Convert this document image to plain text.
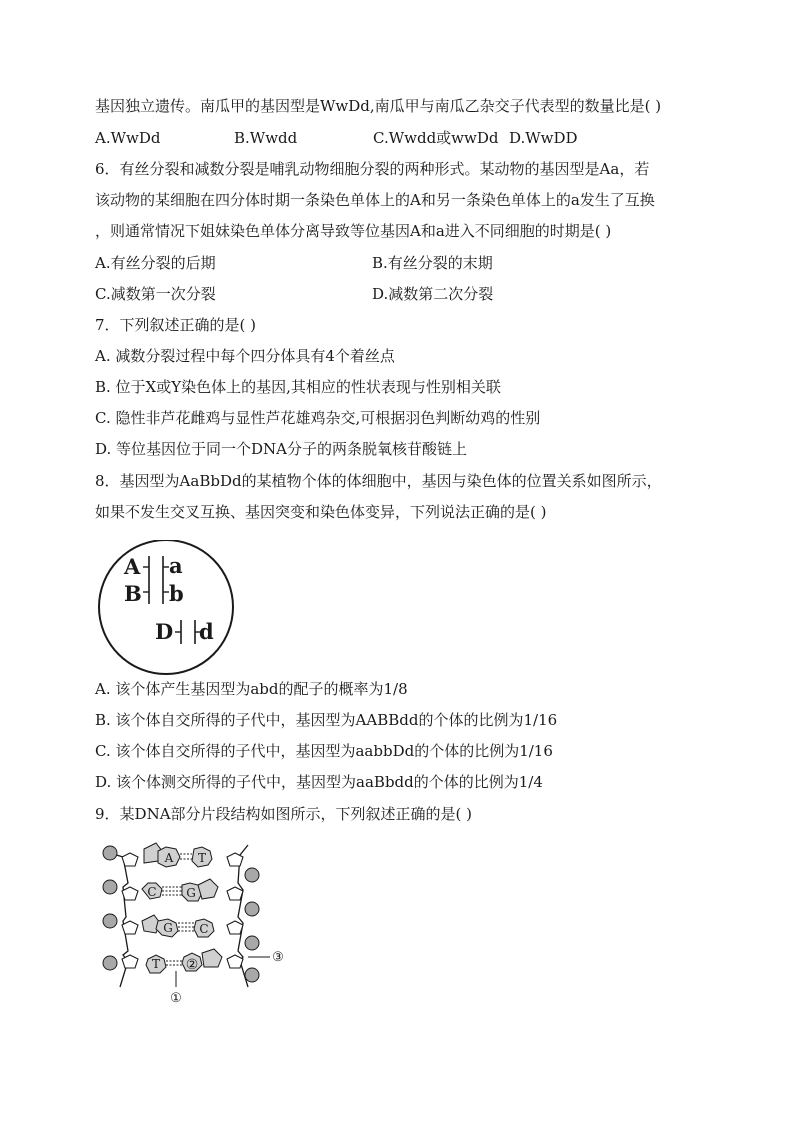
基因独立遗传。南瓜甲的基因型是WwDd,南瓜甲与南瓜乙杂交子代表型的数量比是( )
A.WwDd	B.Wwdd	C.Wwdd或wwDd D.WwDD
6．有丝分裂和减数分裂是哺乳动物细胞分裂的两种形式。某动物的基因型是Aa，若
该动物的某细胞在四分体时期一条染色单体上的A和另一条染色单体上的a发生了互换
，则通常情况下姐妹染色单体分离导致等位基因A和a进入不同细胞的时期是( )
A.有丝分裂的后期	B.有丝分裂的末期
C.减数第一次分裂	D.减数第二次分裂
7．下列叙述正确的是( )
A. 减数分裂过程中每个四分体具有4个着丝点
B. 位于X或Y染色体上的基因,其相应的性状表现与性别相关联
C. 隐性非芦花雌鸡与显性芦花雄鸡杂交,可根据羽色判断幼鸡的性别
D. 等位基因位于同一个DNA分子的两条脱氧核苷酸链上
8．基因型为AaBbDd的某植物个体的体细胞中，基因与染色体的位置关系如图所示，
如果不发生交叉互换、基因突变和染色体变异，下列说法正确的是( )
A
B
a
b
D d
A. 该个体产生基因型为abd的配子的概率为1/8
B. 该个体自交所得的子代中，基因型为AABBdd的个体的比例为1/16
C. 该个体自交所得的子代中，基因型为aabbDd的个体的比例为1/16
D. 该个体测交所得的子代中，基因型为aaBbdd的个体的比例为1/4
9．某DNA部分片段结构如图所示，下列叙述正确的是( )
A T
C G
G C
T ②
①
③
